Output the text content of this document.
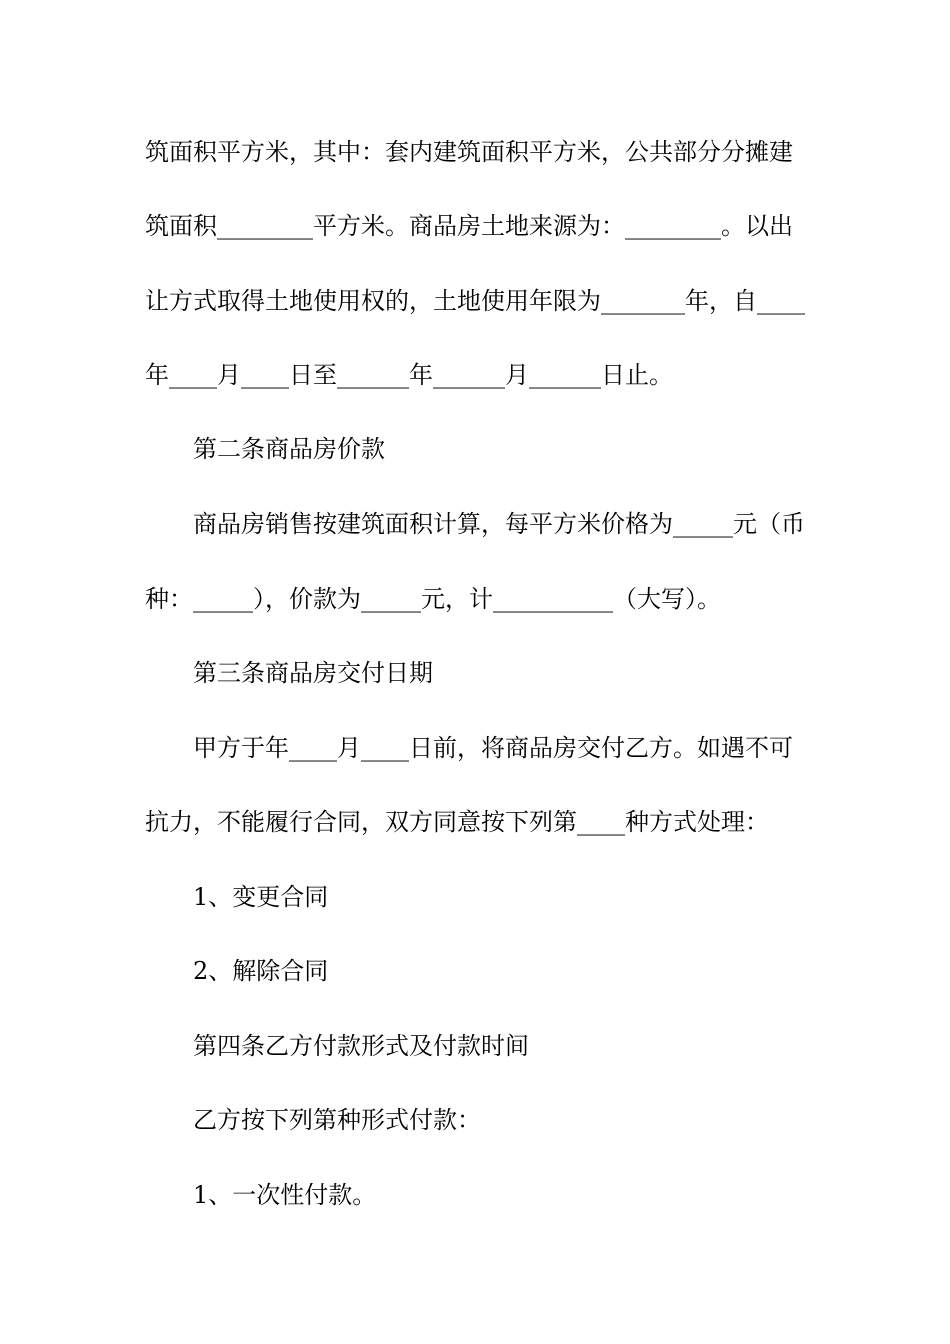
筑面积平方米，其中：套内建筑面积平方米，公共部分分摊建
筑面积________平方米。商品房土地来源为：________。以出
让方式取得土地使用权的，土地使用年限为_______年，自____
年____月____日至______年______月______日止。
第二条商品房价款
商品房销售按建筑面积计算，每平方米价格为_____元（币
种：_____），价款为_____元，计__________（大写）。
第三条商品房交付日期
甲方于年____月____日前，将商品房交付乙方。如遇不可
抗力，不能履行合同，双方同意按下列第____种方式处理：
1、变更合同
2、解除合同
第四条乙方付款形式及付款时间
乙方按下列第种形式付款：
1、一次性付款。
